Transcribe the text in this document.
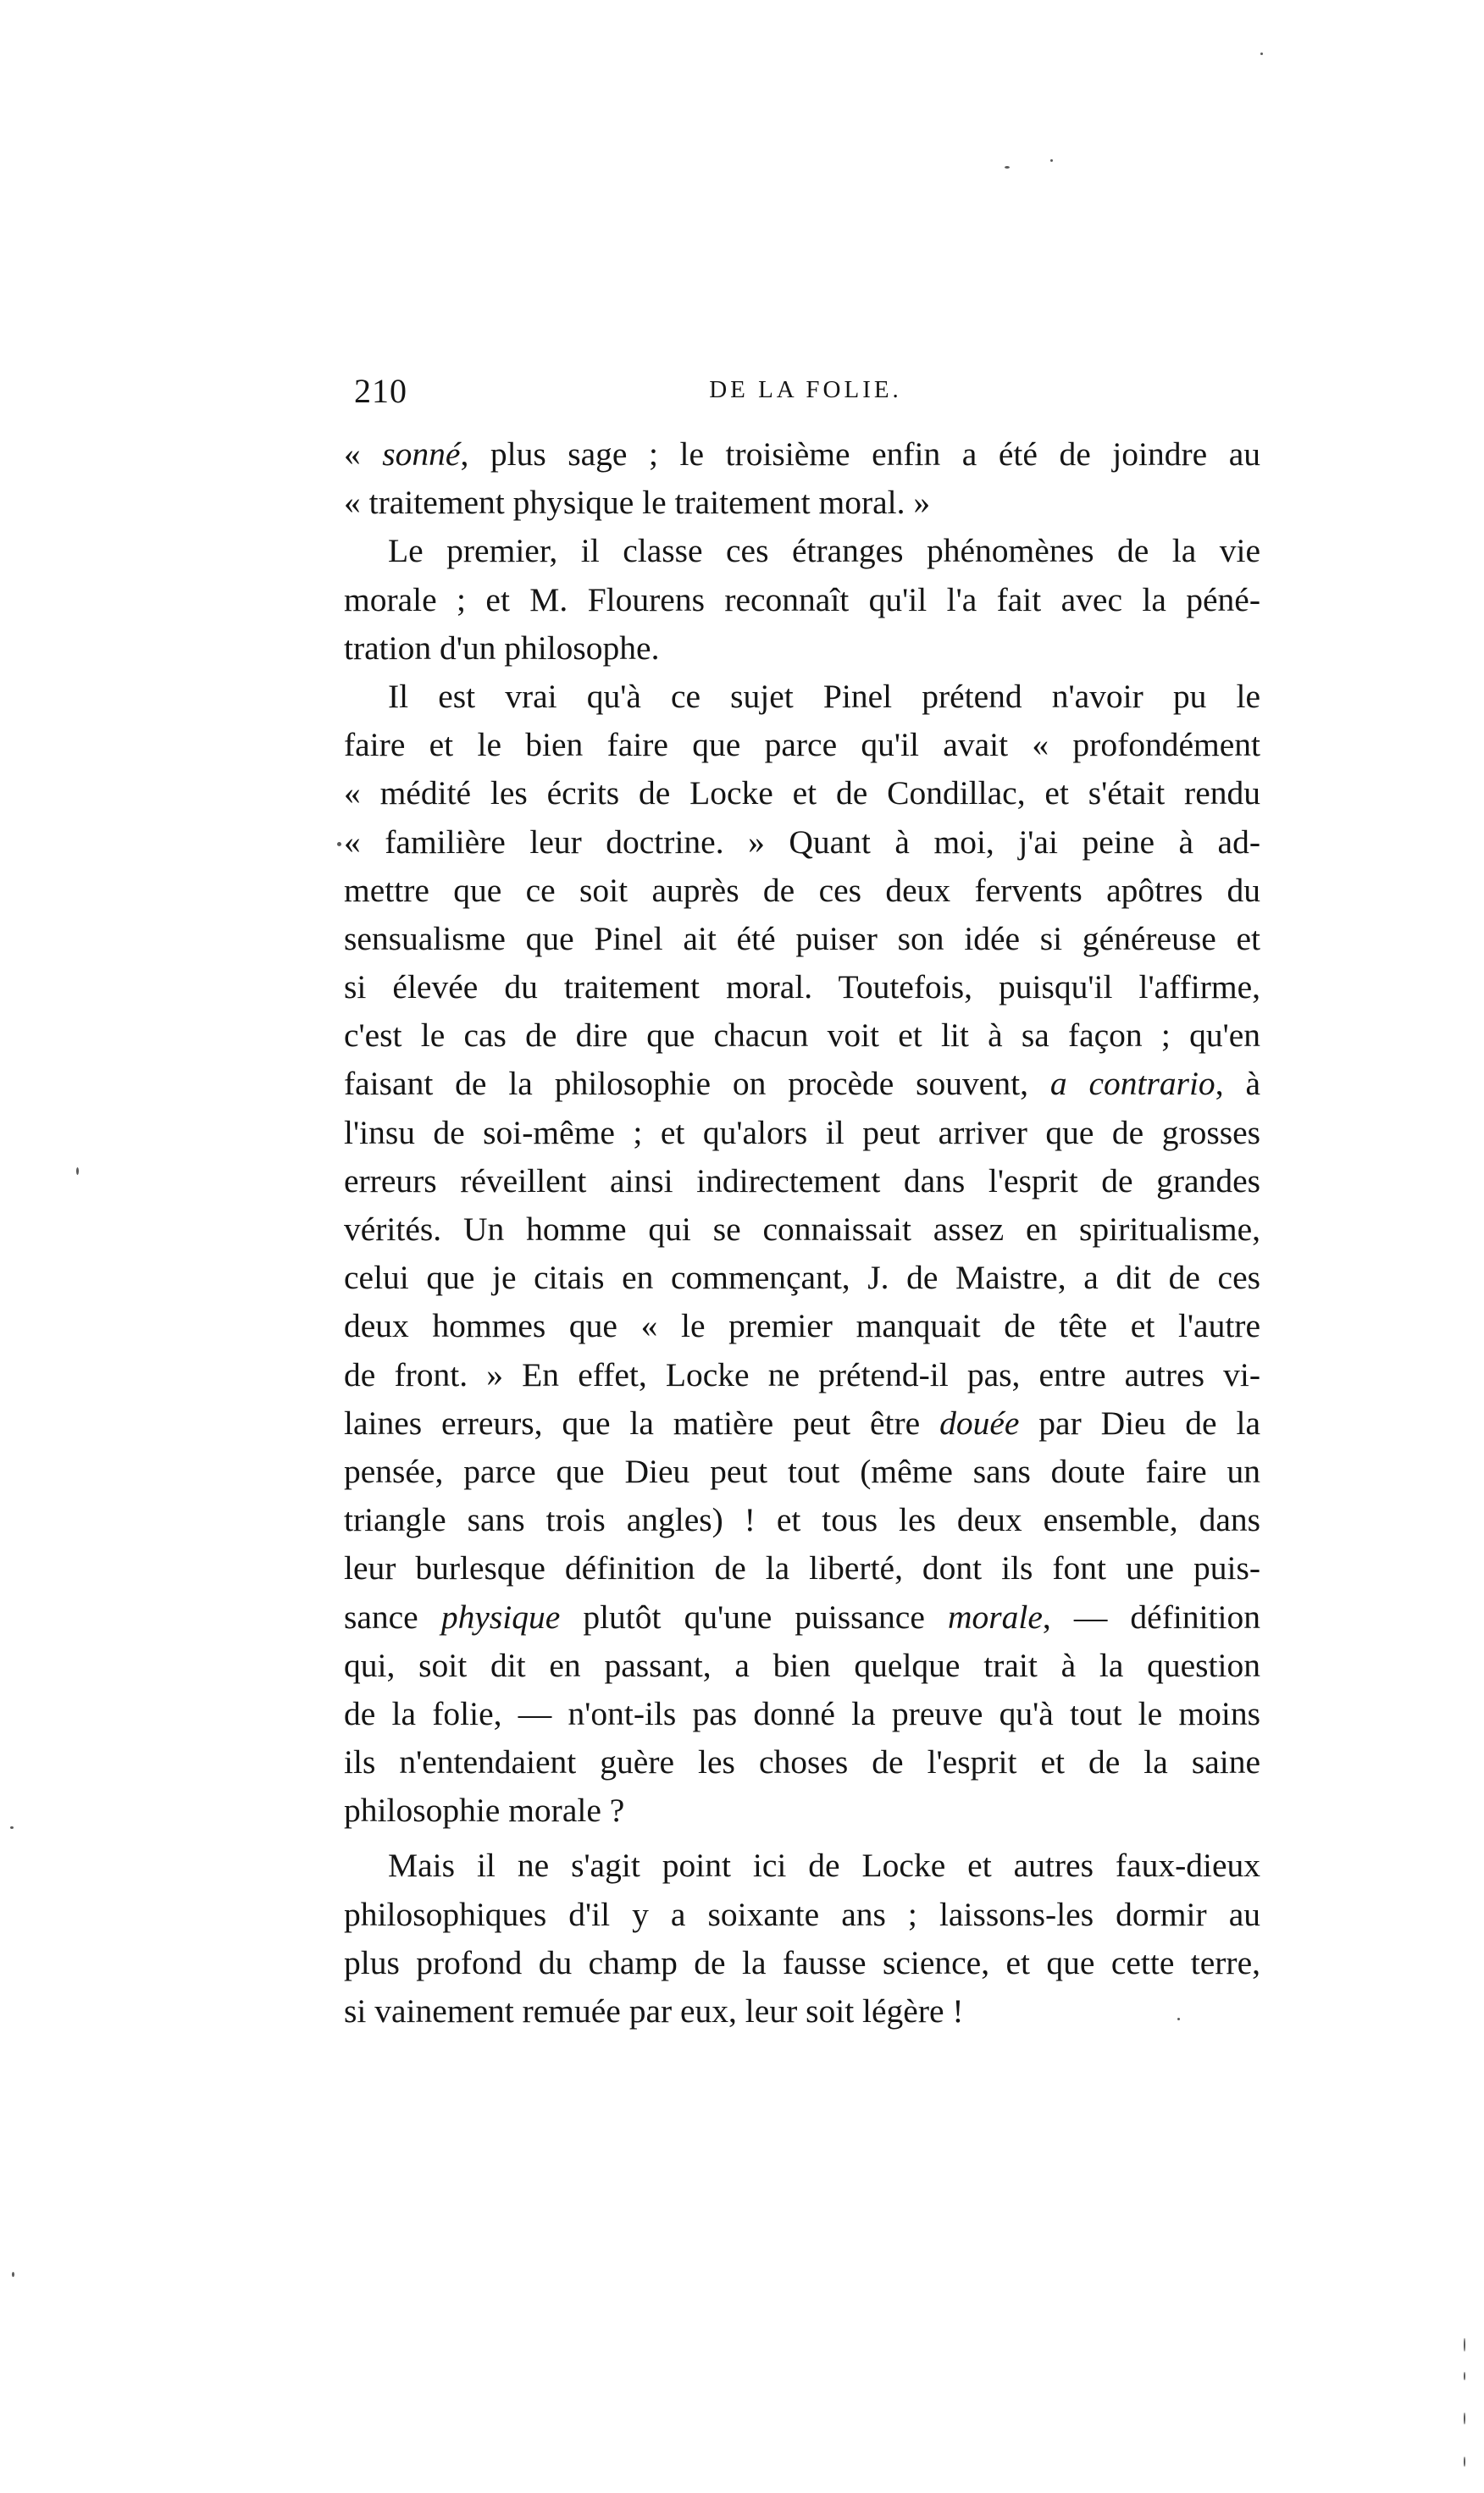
210	DE LA FOLIE.
« sonné, plus sage ; le troisième enfin a été de joindre au
« traitement physique le traitement moral. »
Le premier, il classe ces étranges phénomènes de la vie
morale ; et M. Flourens reconnaît qu'il l'a fait avec la péné-
tration d'un philosophe.
Il est vrai qu'à ce sujet Pinel prétend n'avoir pu le
faire et le bien faire que parce qu'il avait « profondément
« médité les écrits de Locke et de Condillac, et s'était rendu
« familière leur doctrine. » Quant à moi, j'ai peine à ad-
mettre que ce soit auprès de ces deux fervents apôtres du
sensualisme que Pinel ait été puiser son idée si généreuse et
si élevée du traitement moral. Toutefois, puisqu'il l'affirme,
c'est le cas de dire que chacun voit et lit à sa façon ; qu'en
faisant de la philosophie on procède souvent, a contrario, à
l'insu de soi-même ; et qu'alors il peut arriver que de grosses
erreurs réveillent ainsi indirectement dans l'esprit de grandes
vérités. Un homme qui se connaissait assez en spiritualisme,
celui que je citais en commençant, J. de Maistre, a dit de ces
deux hommes que « le premier manquait de tête et l'autre
de front. » En effet, Locke ne prétend-il pas, entre autres vi-
laines erreurs, que la matière peut être douée par Dieu de la
pensée, parce que Dieu peut tout (même sans doute faire un
triangle sans trois angles) ! et tous les deux ensemble, dans
leur burlesque définition de la liberté, dont ils font une puis-
sance physique plutôt qu'une puissance morale, — définition
qui, soit dit en passant, a bien quelque trait à la question
de la folie, — n'ont-ils pas donné la preuve qu'à tout le moins
ils n'entendaient guère les choses de l'esprit et de la saine
philosophie morale ?
Mais il ne s'agit point ici de Locke et autres faux-dieux
philosophiques d'il y a soixante ans ; laissons-les dormir au
plus profond du champ de la fausse science, et que cette terre,
si vainement remuée par eux, leur soit légère !
